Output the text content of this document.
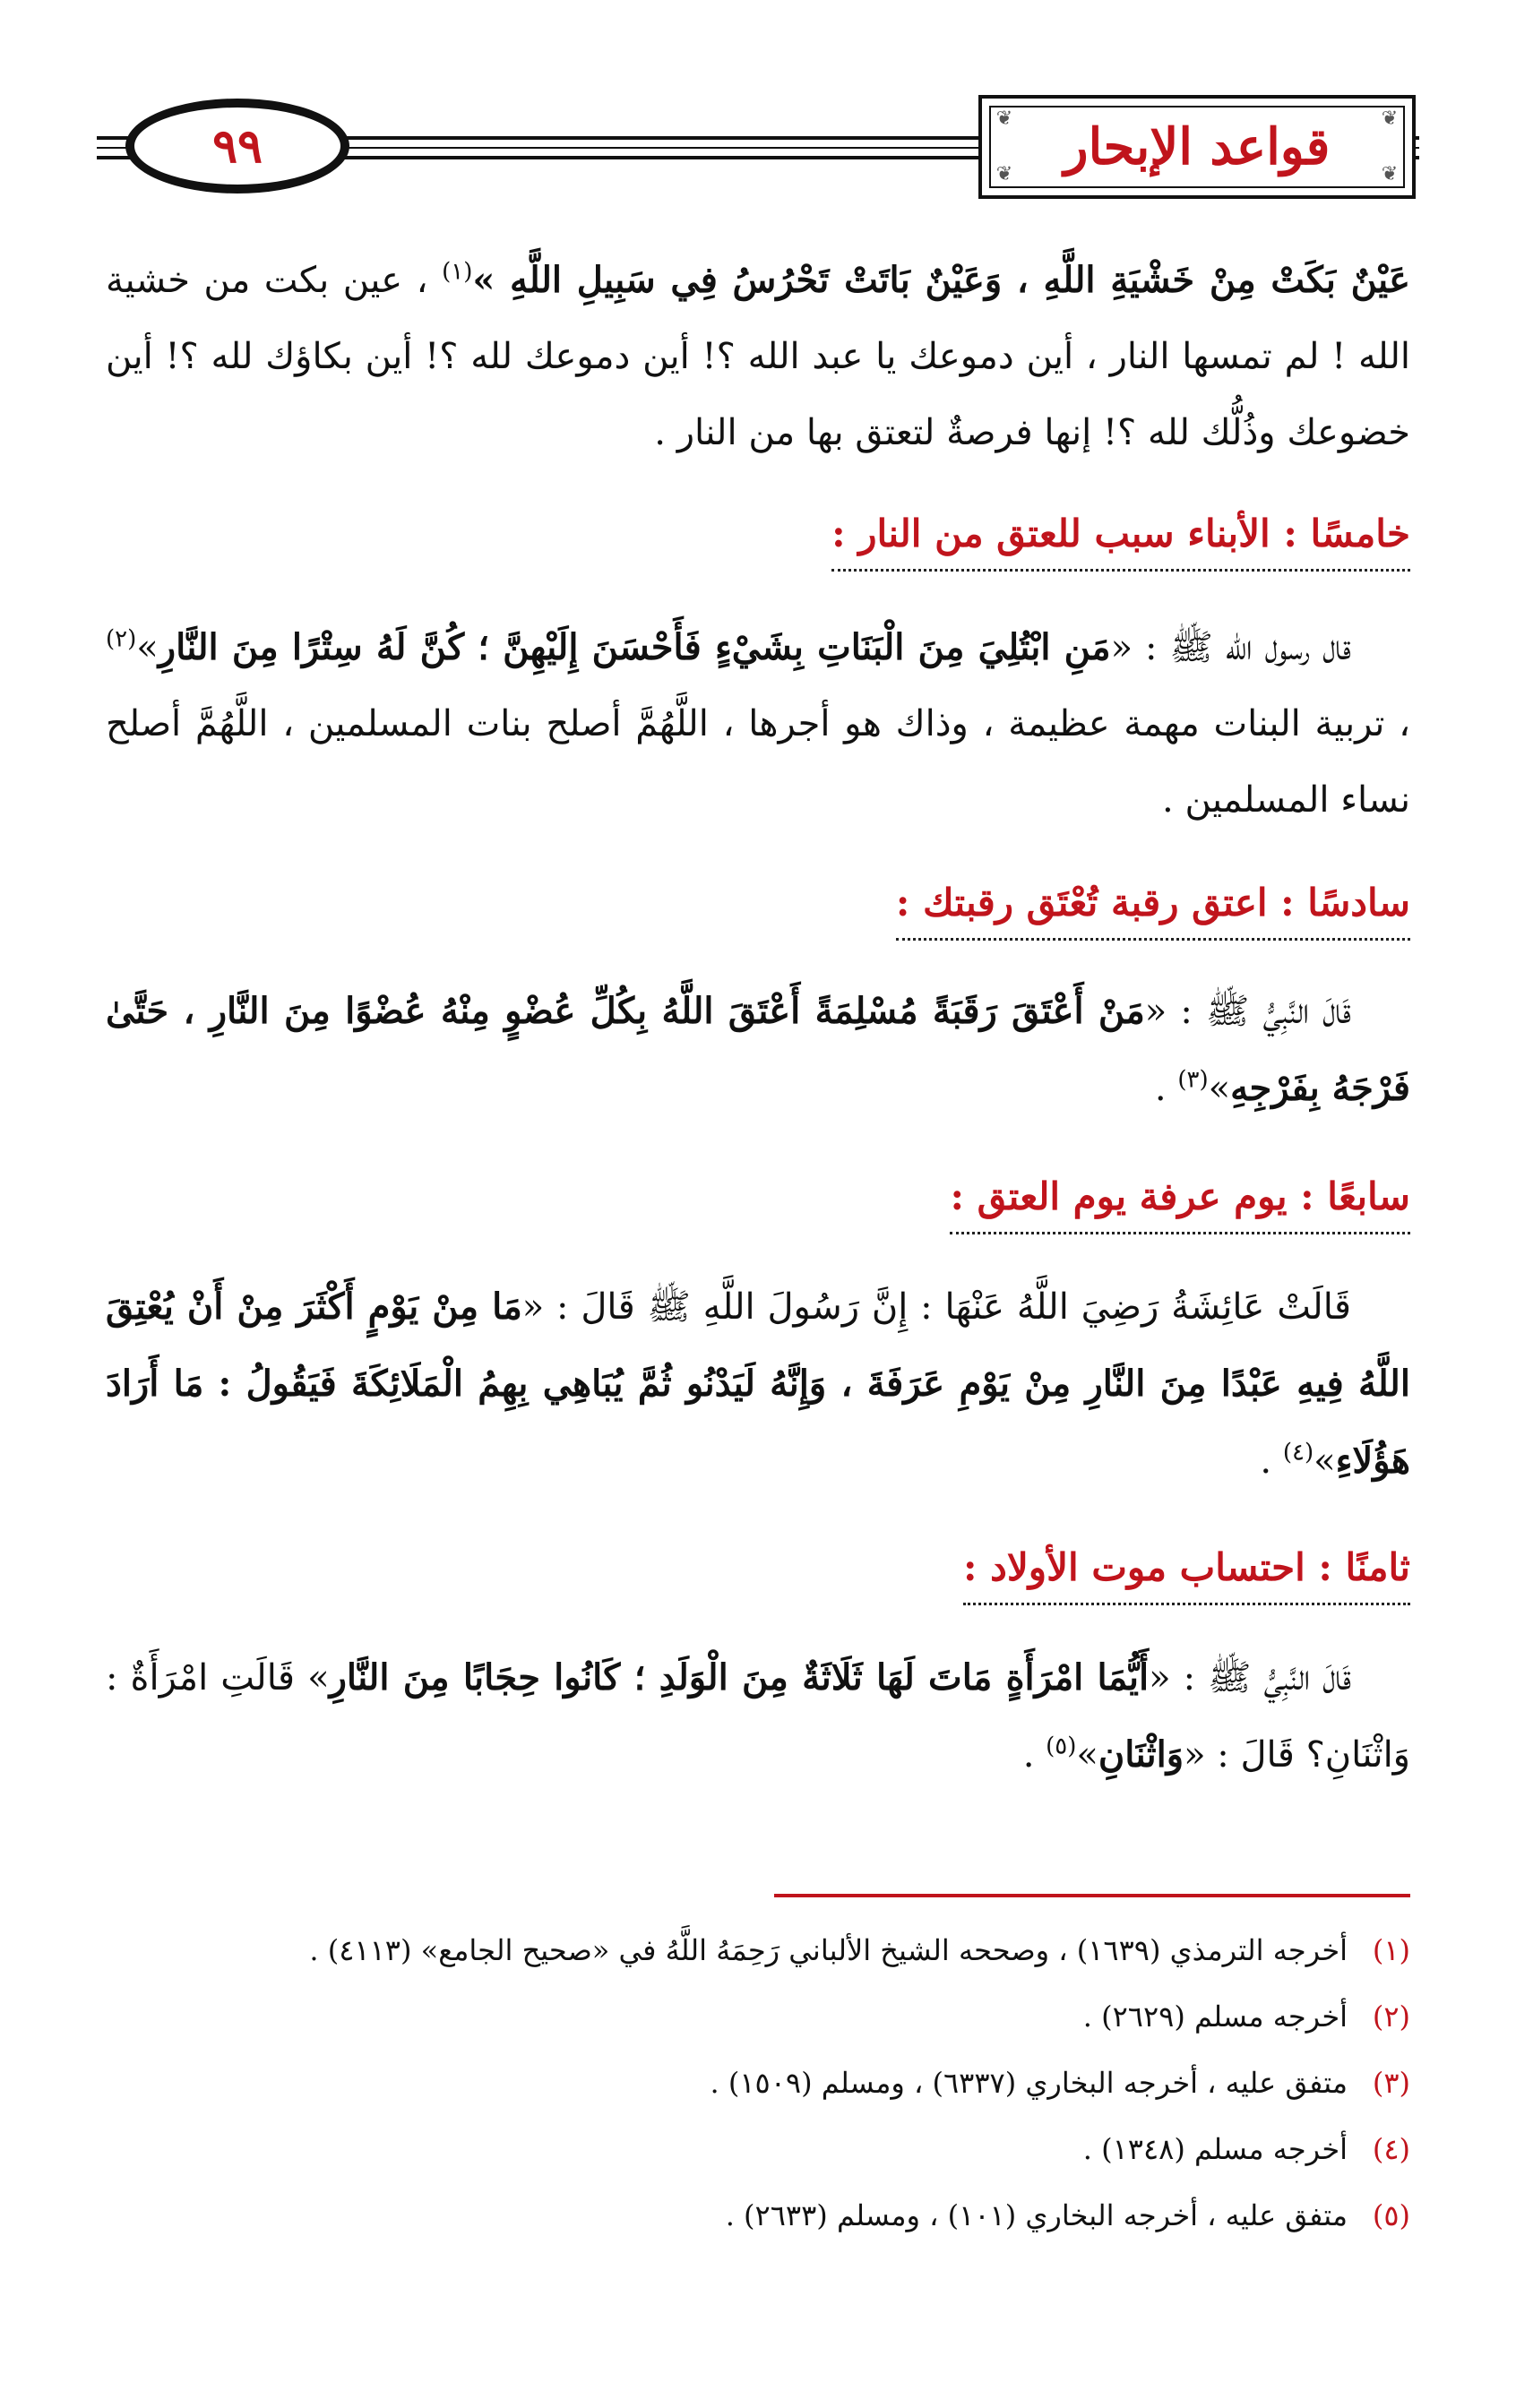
٩٩	❦	❦
❦	❦
قواعد الإبحار

عَيْنٌ بَكَتْ مِنْ خَشْيَةِ اللَّهِ ، وَعَيْنٌ بَاتَتْ تَحْرُسُ فِي سَبِيلِ اللَّهِ »$^{(١)}$ ، عين بكت من خشية الله ! لم تمسها النار ، أين دموعك يا عبد الله ؟! أين دموعك لله ؟! أين بكاؤك لله ؟! أين خضوعك وذُلُّك لله ؟! إنها فرصةٌ لتعتق بها من النار .

خامسًا : الأبناء سبب للعتق من النار :

قال رسول الله ﷺ : «مَنِ ابْتُلِيَ مِنَ الْبَنَاتِ بِشَيْءٍ فَأَحْسَنَ إِلَيْهِنَّ ؛ كُنَّ لَهُ سِتْرًا مِنَ النَّارِ»$^{(٢)}$ ، تربية البنات مهمة عظيمة ، وذاك هو أجرها ، اللَّهُمَّ أصلح بنات المسلمين ، اللَّهُمَّ أصلح نساء المسلمين .

سادسًا : اعتق رقبة تُعْتَق رقبتك :

قَالَ النَّبِيُّ ﷺ : «مَنْ أَعْتَقَ رَقَبَةً مُسْلِمَةً أَعْتَقَ اللَّهُ بِكُلِّ عُضْوٍ مِنْهُ عُضْوًا مِنَ النَّارِ ، حَتَّىٰ فَرْجَهُ بِفَرْجِهِ»$^{(٣)}$ .

سابعًا : يوم عرفة يوم العتق :

قَالَتْ عَائِشَةُ رَضِيَ اللَّهُ عَنْهَا : إِنَّ رَسُولَ اللَّهِ ﷺ قَالَ : «مَا مِنْ يَوْمٍ أَكْثَرَ مِنْ أَنْ يُعْتِقَ اللَّهُ فِيهِ عَبْدًا مِنَ النَّارِ مِنْ يَوْمِ عَرَفَةَ ، وَإِنَّهُ لَيَدْنُو ثُمَّ يُبَاهِي بِهِمُ الْمَلَائِكَةَ فَيَقُولُ : مَا أَرَادَ هَؤُلَاءِ»$^{(٤)}$ .

ثامنًا : احتساب موت الأولاد :

قَالَ النَّبِيُّ ﷺ : «أَيُّمَا امْرَأَةٍ مَاتَ لَهَا ثَلَاثَةٌ مِنَ الْوَلَدِ ؛ كَانُوا حِجَابًا مِنَ النَّارِ» قَالَتِ امْرَأَةٌ : وَاثْنَانِ؟ قَالَ : «وَاثْنَانِ»$^{(٥)}$ .

(١)
أخرجه الترمذي (١٦٣٩) ، وصححه الشيخ الألباني رَحِمَهُ اللَّهُ في «صحيح الجامع» (٤١١٣) .
(٢)
أخرجه مسلم (٢٦٢٩) .
(٣)
متفق عليه ، أخرجه البخاري (٦٣٣٧) ، ومسلم (١٥٠٩) .
(٤)
أخرجه مسلم (١٣٤٨) .
(٥)
متفق عليه ، أخرجه البخاري (١٠١) ، ومسلم (٢٦٣٣) .
